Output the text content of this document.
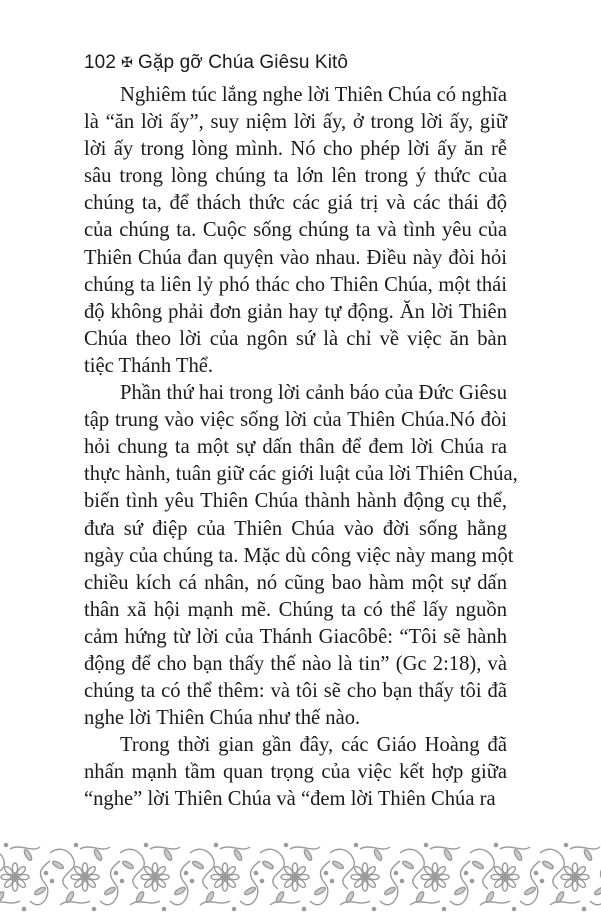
102 ✠ Gặp gỡ Chúa Giêsu Kitô
Nghiêm túc lắng nghe lời Thiên Chúa có nghĩa
là “ăn lời ấy”, suy niệm lời ấy, ở trong lời ấy, giữ
lời ấy trong lòng mình. Nó cho phép lời ấy ăn rễ
sâu trong lòng chúng ta lớn lên trong ý thức của
chúng ta, để thách thức các giá trị và các thái độ
của chúng ta. Cuộc sống chúng ta và tình yêu của
Thiên Chúa đan quyện vào nhau. Điều này đòi hỏi
chúng ta liên lỷ phó thác cho Thiên Chúa, một thái
độ không phải đơn giản hay tự động. Ăn lời Thiên
Chúa theo lời của ngôn sứ là chỉ về việc ăn bàn
tiệc Thánh Thể.
Phần thứ hai trong lời cảnh báo của Đức Giêsu
tập trung vào việc sống lời của Thiên Chúa.Nó đòi
hỏi chung ta một sự dấn thân để đem lời Chúa ra
thực hành, tuân giữ các giới luật của lời Thiên Chúa,
biến tình yêu Thiên Chúa thành hành động cụ thể,
đưa sứ điệp của Thiên Chúa vào đời sống hằng
ngày của chúng ta. Mặc dù công việc này mang một
chiều kích cá nhân, nó cũng bao hàm một sự dấn
thân xã hội mạnh mẽ. Chúng ta có thể lấy nguồn
cảm hứng từ lời của Thánh Giacôbê: “Tôi sẽ hành
động để cho bạn thấy thế nào là tin” (Gc 2:18), và
chúng ta có thể thêm: và tôi sẽ cho bạn thấy tôi đã
nghe lời Thiên Chúa như thế nào.
Trong thời gian gần đây, các Giáo Hoàng đã
nhấn mạnh tầm quan trọng của việc kết hợp giữa
“nghe” lời Thiên Chúa và “đem lời Thiên Chúa ra
